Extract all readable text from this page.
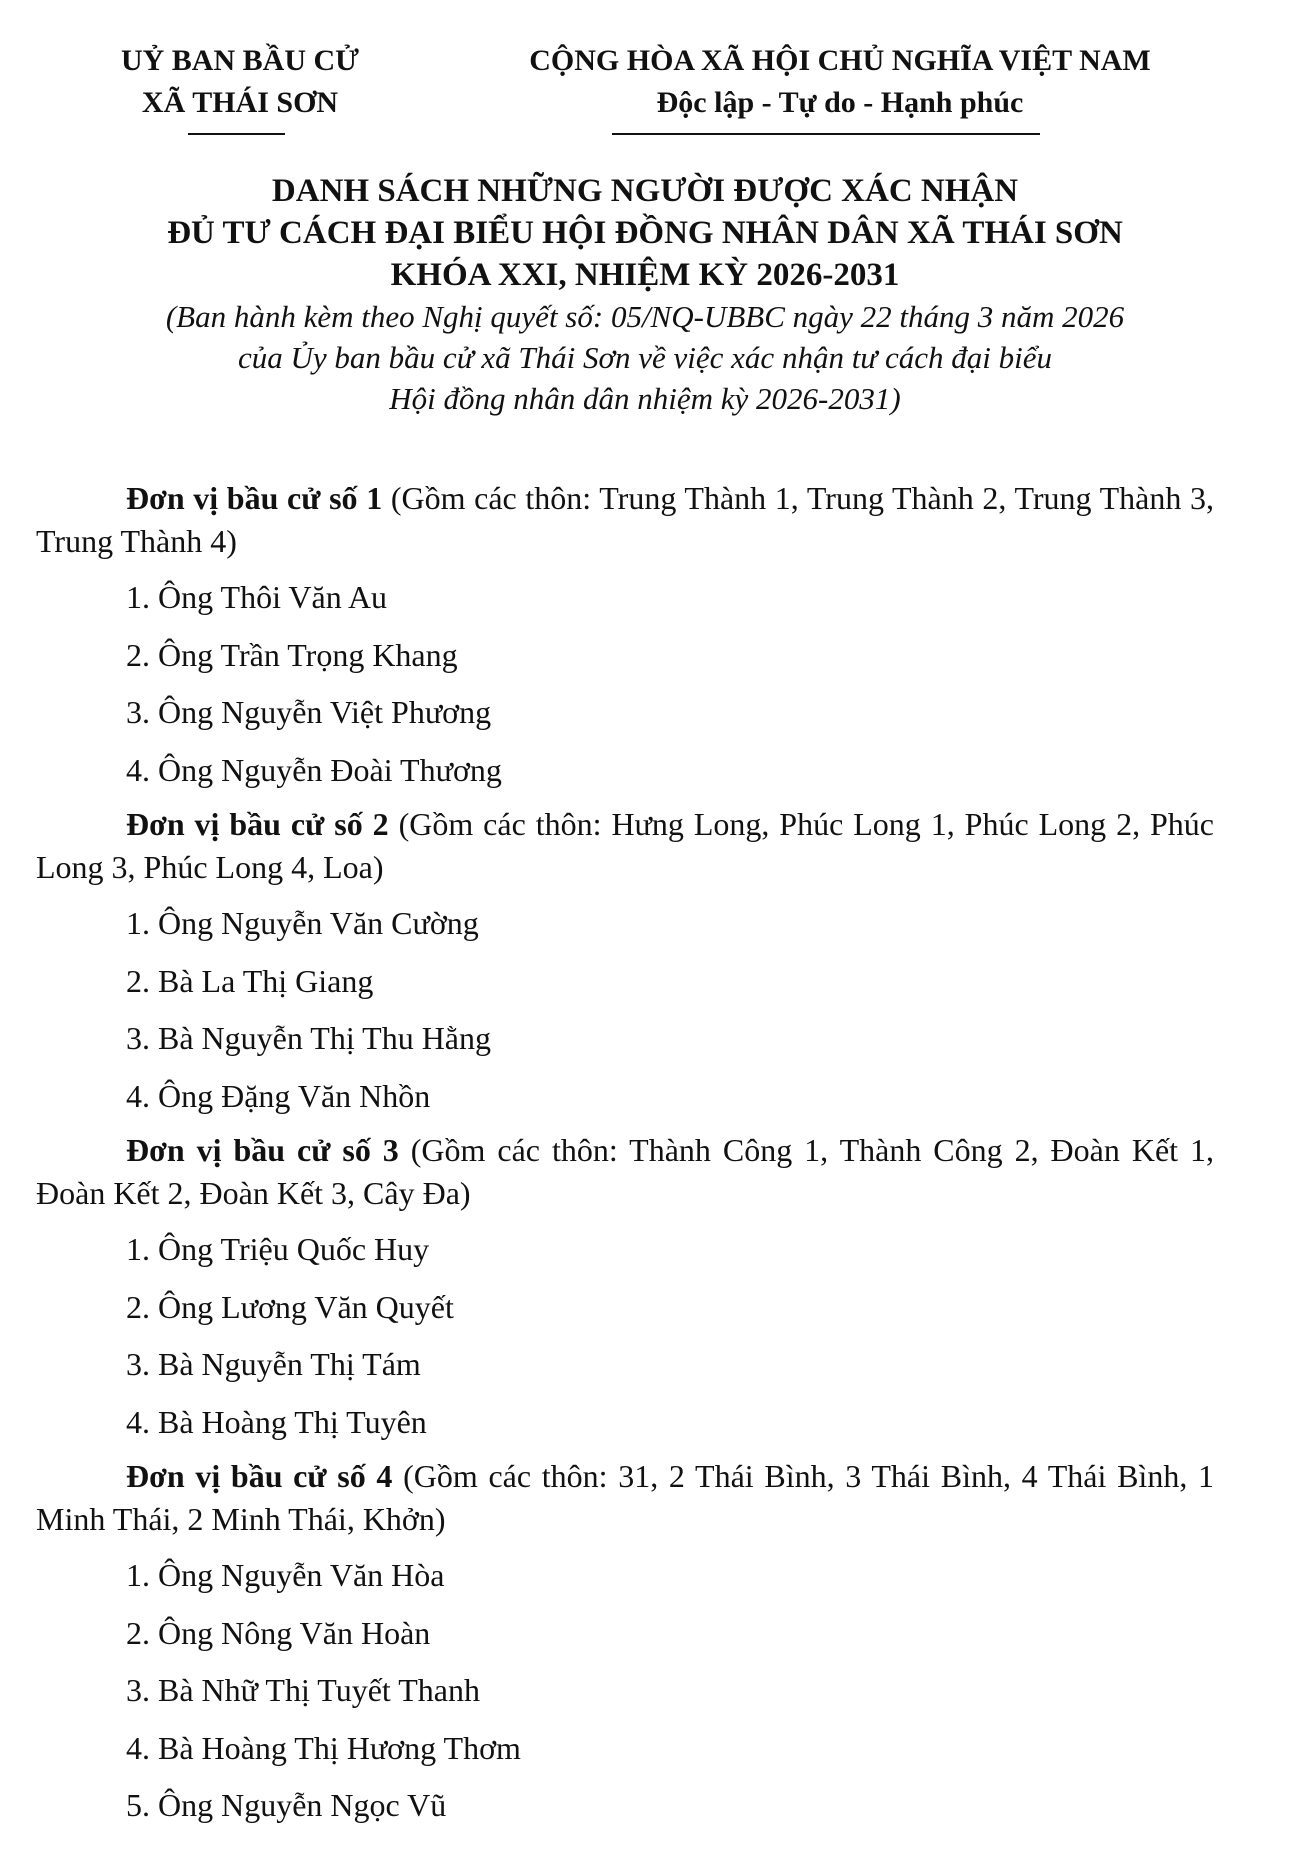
UỶ BAN BẦU CỬ
XÃ THÁI SƠN
CỘNG HÒA XÃ HỘI CHỦ NGHĨA VIỆT NAM
Độc lập - Tự do - Hạnh phúc
DANH SÁCH NHỮNG NGƯỜI ĐƯỢC XÁC NHẬN
ĐỦ TƯ CÁCH ĐẠI BIỂU HỘI ĐỒNG NHÂN DÂN XÃ THÁI SƠN
KHÓA XXI, NHIỆM KỲ 2026-2031
(Ban hành kèm theo Nghị quyết số: 05/NQ-UBBC ngày 22 tháng 3 năm 2026
của Ủy ban bầu cử xã Thái Sơn về việc xác nhận tư cách đại biểu
Hội đồng nhân dân nhiệm kỳ 2026-2031)

Đơn vị bầu cử số 1 (Gồm các thôn: Trung Thành 1, Trung Thành 2, Trung Thành 3, Trung Thành 4)

1. Ông Thôi Văn Au

2. Ông Trần Trọng Khang

3. Ông Nguyễn Việt Phương

4. Ông Nguyễn Đoài Thương

Đơn vị bầu cử số 2 (Gồm các thôn: Hưng Long, Phúc Long 1, Phúc Long 2, Phúc Long 3, Phúc Long 4, Loa)

1. Ông Nguyễn Văn Cường

2. Bà La Thị Giang

3. Bà Nguyễn Thị Thu Hằng

4. Ông Đặng Văn Nhồn

Đơn vị bầu cử số 3 (Gồm các thôn: Thành Công 1, Thành Công 2, Đoàn Kết 1, Đoàn Kết 2, Đoàn Kết 3, Cây Đa)

1. Ông Triệu Quốc Huy

2. Ông Lương Văn Quyết

3. Bà Nguyễn Thị Tám

4. Bà Hoàng Thị Tuyên

Đơn vị bầu cử số 4 (Gồm các thôn: 31, 2 Thái Bình, 3 Thái Bình, 4 Thái Bình, 1 Minh Thái, 2 Minh Thái, Khởn)

1. Ông Nguyễn Văn Hòa

2. Ông Nông Văn Hoàn

3. Bà Nhữ Thị Tuyết Thanh

4. Bà Hoàng Thị Hương Thơm

5. Ông Nguyễn Ngọc Vũ
